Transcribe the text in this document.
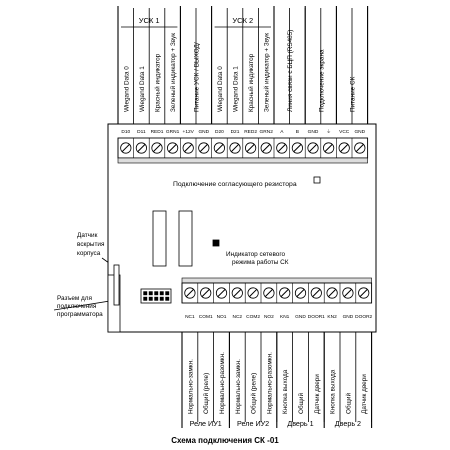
УСК 1	УСК 2
Wiegand Data 0 Wiegand Data 1 Красный индикатор Зеленый индикатор + Звук	Wiegand Data 0 Wiegand Data 1 Красный индикатор Зеленый индикатор + Звук
Питание УСК / ВЫХОД/	Линия связи с БЦП (RS485)	Подключение экрана	Питание СК
D10 D11 RED1 GRN1 +12V GND D20 D21 RED2 GRN2 A	B GND ⏚ VCC GND
Подключение согласующего резистора
Индикатор сетевого
режима работы СК
Датчик
вскрытия
корпуса
Разъем для
подключения
программатора	NC1 COM1 NO1 NC2 COM2 NO2 KN1 GND DOOR1 KN2 GND DOOR2
Нормально-замкн. Общий (реле) Нормально-разомкн. Нормально-замкн. Общий (реле) Нормально-разомкн. Кнопка выхода Общий Датчик двери Кнопка выхода Общий Датчик двери
Реле ИУ1 Реле ИУ2	Дверь 1	Дверь 2
Схема подключения СК -01
